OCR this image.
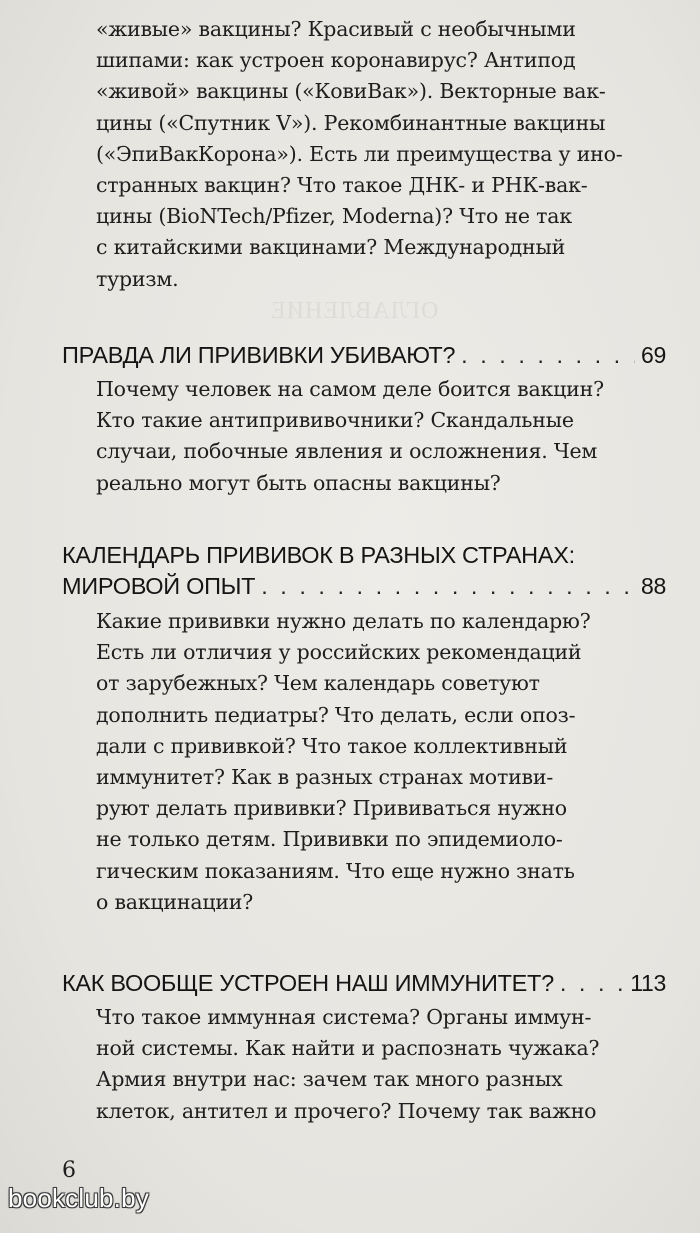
ОГЛАВЛЕНИЕ

«живые» вакцины? Красивый с необычными
шипами: как устроен коронавирус? Антипод
«живой» вакцины («КовиВак»). Векторные вак-
цины («Спутник V»). Рекомбинантные вакцины
(«ЭпиВакКорона»). Есть ли преимущества у ино-
странных вакцин? Что такое ДНК- и РНК-вак-
цины (BioNTech/Pfizer, Moderna)? Что не так
с китайскими вакцинами? Международный
туризм.

ПРАВДА ЛИ ПРИВИВКИ УБИВАЮТ? . . .	69

Почему человек на самом деле боится вакцин?
Кто такие антипрививочники? Скандальные
случаи, побочные явления и осложнения. Чем
реально могут быть опасны вакцины?

КАЛЕНДАРЬ ПРИВИВОК В РАЗНЫХ СТРАНАХ:
МИРОВОЙ ОПЫТ . . .	88

Какие прививки нужно делать по календарю?
Есть ли отличия у российских рекомендаций
от зарубежных? Чем календарь советуют
дополнить педиатры? Что делать, если опоз-
дали с прививкой? Что такое коллективный
иммунитет? Как в разных странах мотиви-
руют делать прививки? Прививаться нужно
не только детям. Прививки по эпидемиоло-
гическим показаниям. Что еще нужно знать
о вакцинации?

КАК ВООБЩЕ УСТРОЕН НАШ ИММУНИТЕТ? . . .	113

Что такое иммунная система? Органы иммун-
ной системы. Как найти и распознать чужака?
Армия внутри нас: зачем так много разных
клеток, антител и прочего? Почему так важно

6
bookclub.by
